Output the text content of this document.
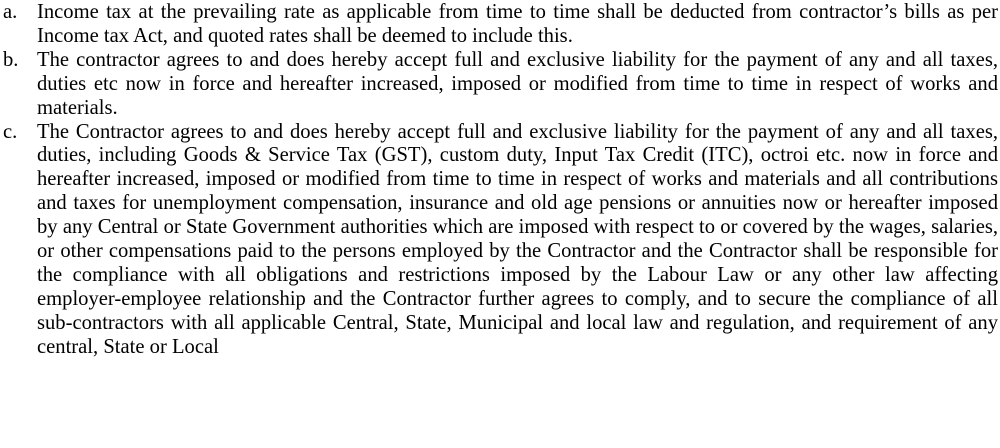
a. Income tax at the prevailing rate as applicable from time to time shall be deducted from contractor’s bills as per Income tax Act, and quoted rates shall be deemed to include this.

b. The contractor agrees to and does hereby accept full and exclusive liability for the payment of any and all taxes, duties etc now in force and hereafter increased, imposed or modified from time to time in respect of works and materials.

c. The Contractor agrees to and does hereby accept full and exclusive liability for the payment of any and all taxes, duties, including Goods & Service Tax (GST), custom duty, Input Tax Credit (ITC), octroi etc. now in force and hereafter increased, imposed or modified from time to time in respect of works and materials and all contributions and taxes for unemployment compensation, insurance and old age pensions or annuities now or hereafter imposed by any Central or State Government authorities which are imposed with respect to or covered by the wages, salaries, or other compensations paid to the persons employed by the Contractor and the Contractor shall be responsible for the compliance with all obligations and restrictions imposed by the Labour Law or any other law affecting employer-employee relationship and the Contractor further agrees to comply, and to secure the compliance of all sub-contractors with all applicable Central, State, Municipal and local law and regulation, and requirement of any central, State or Local
